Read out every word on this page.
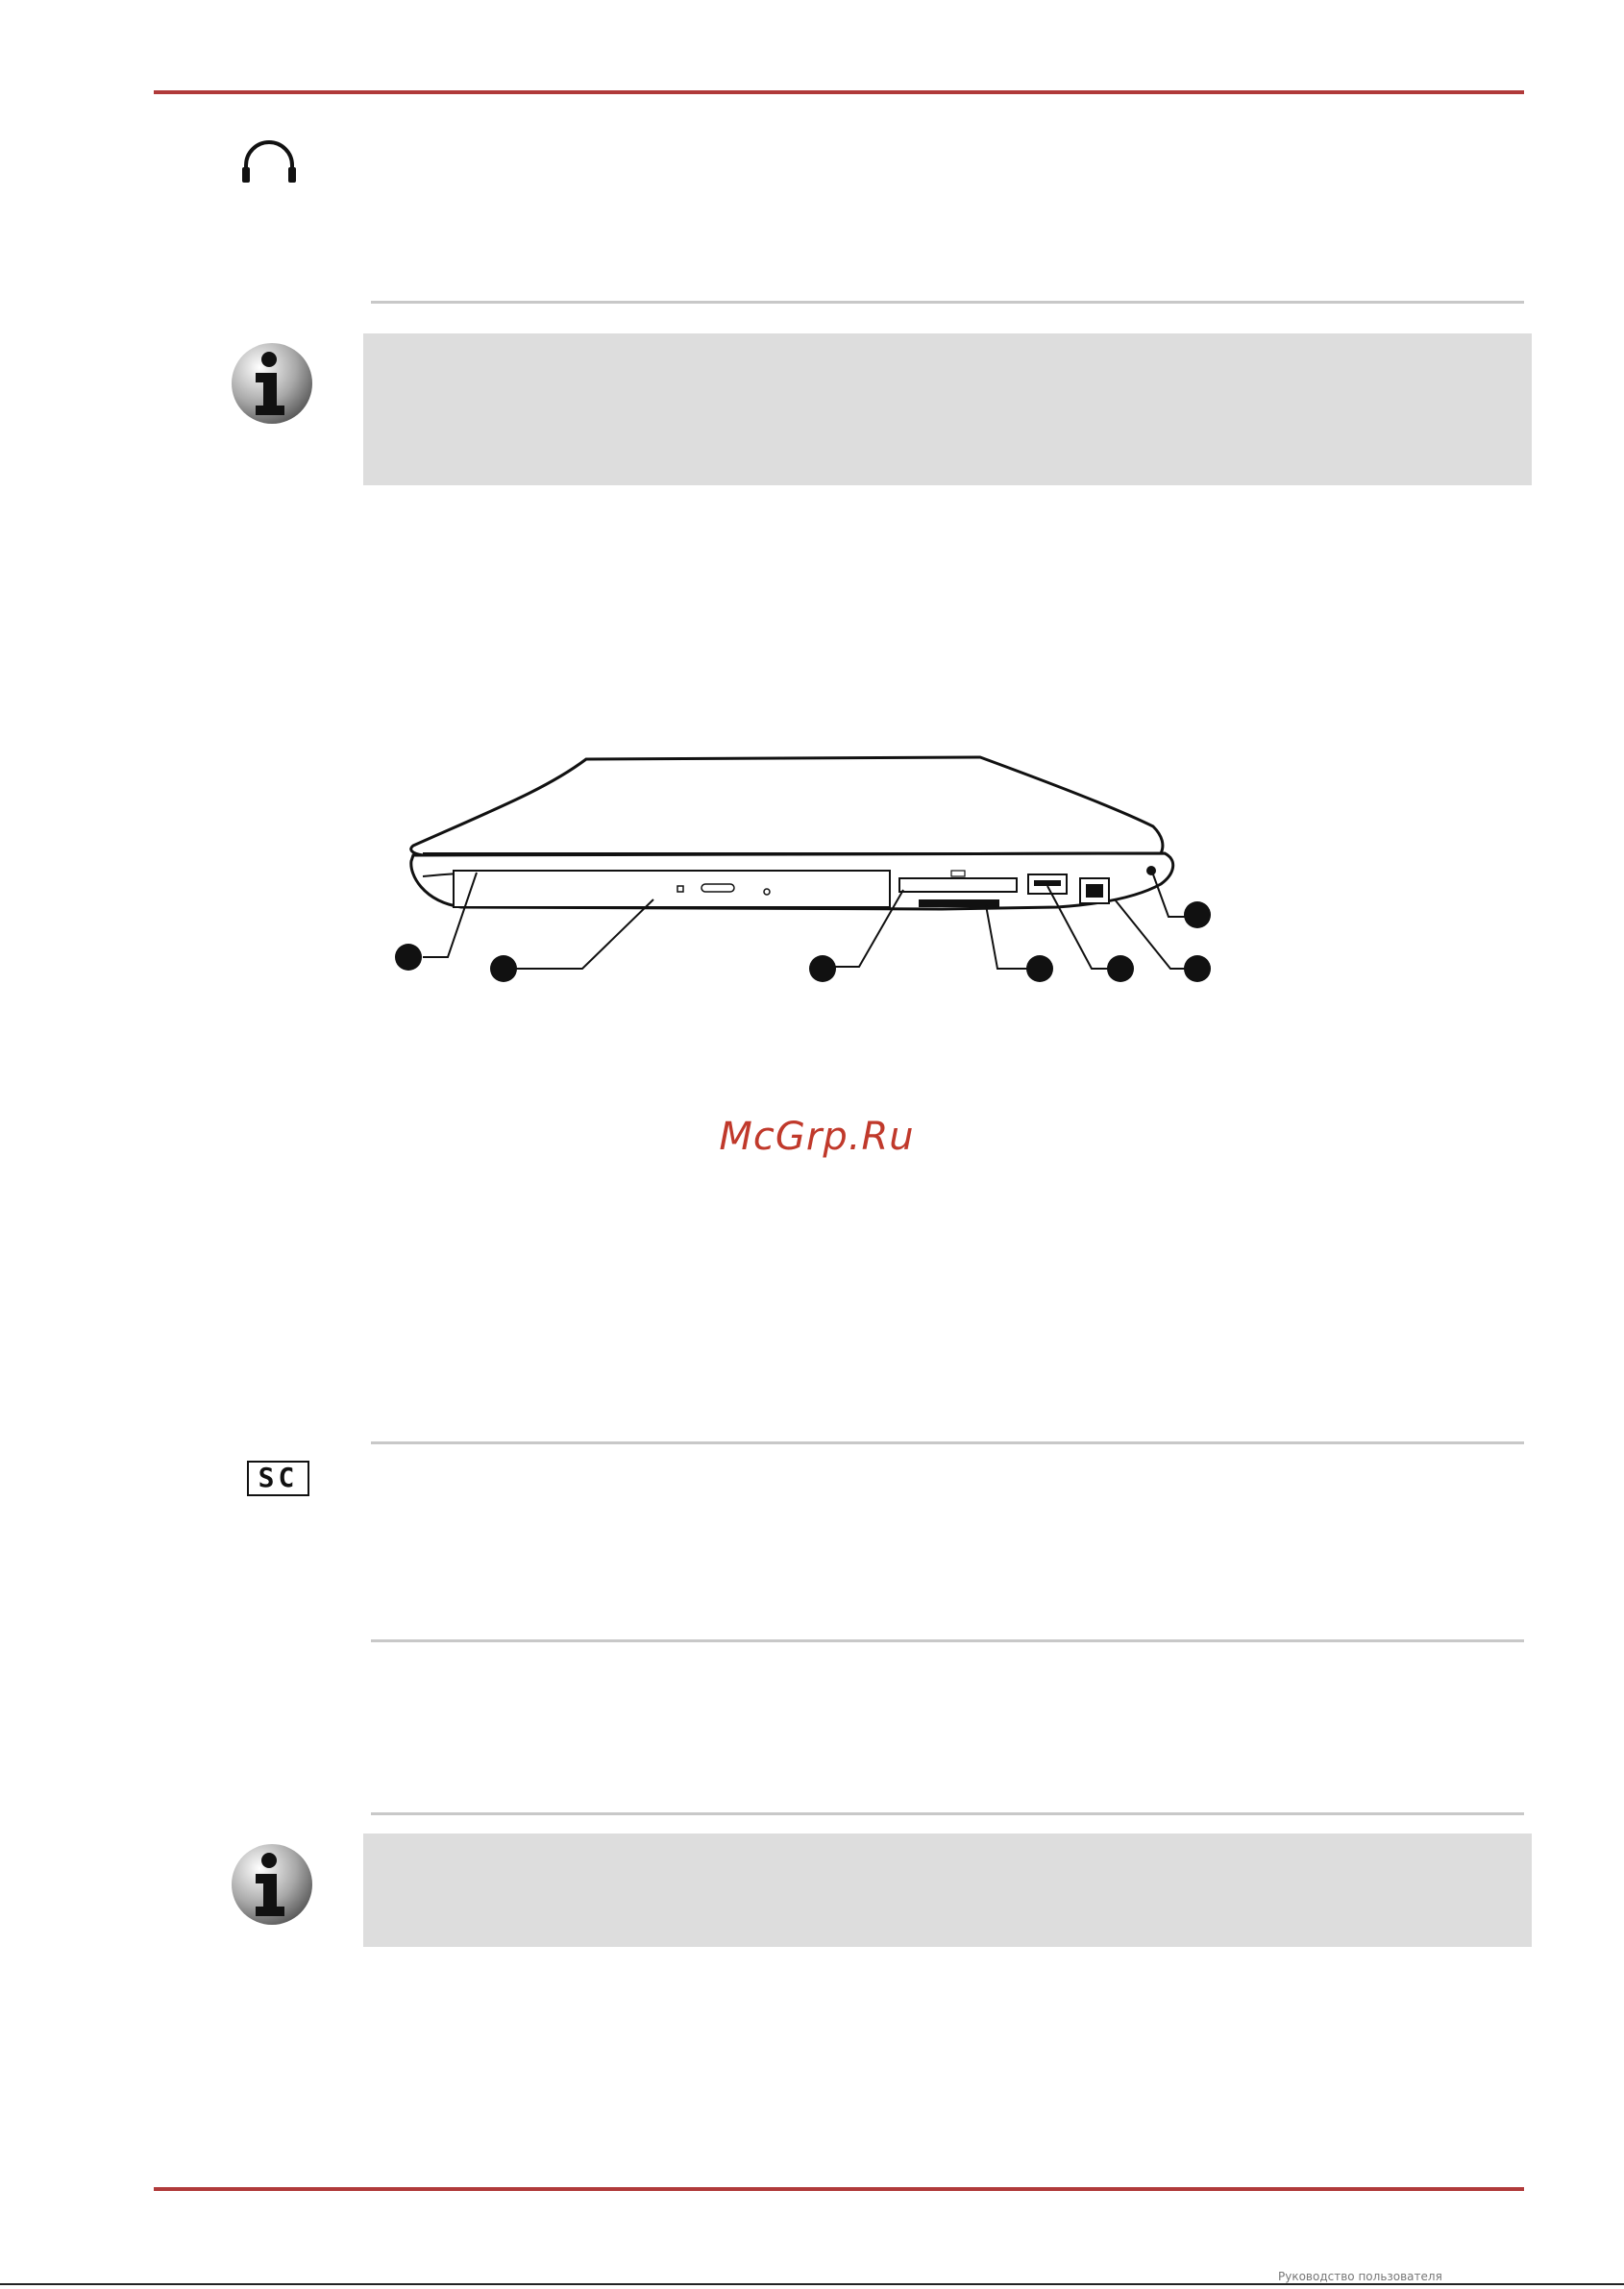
McGrp.Ru
SC
Руководство пользователя
